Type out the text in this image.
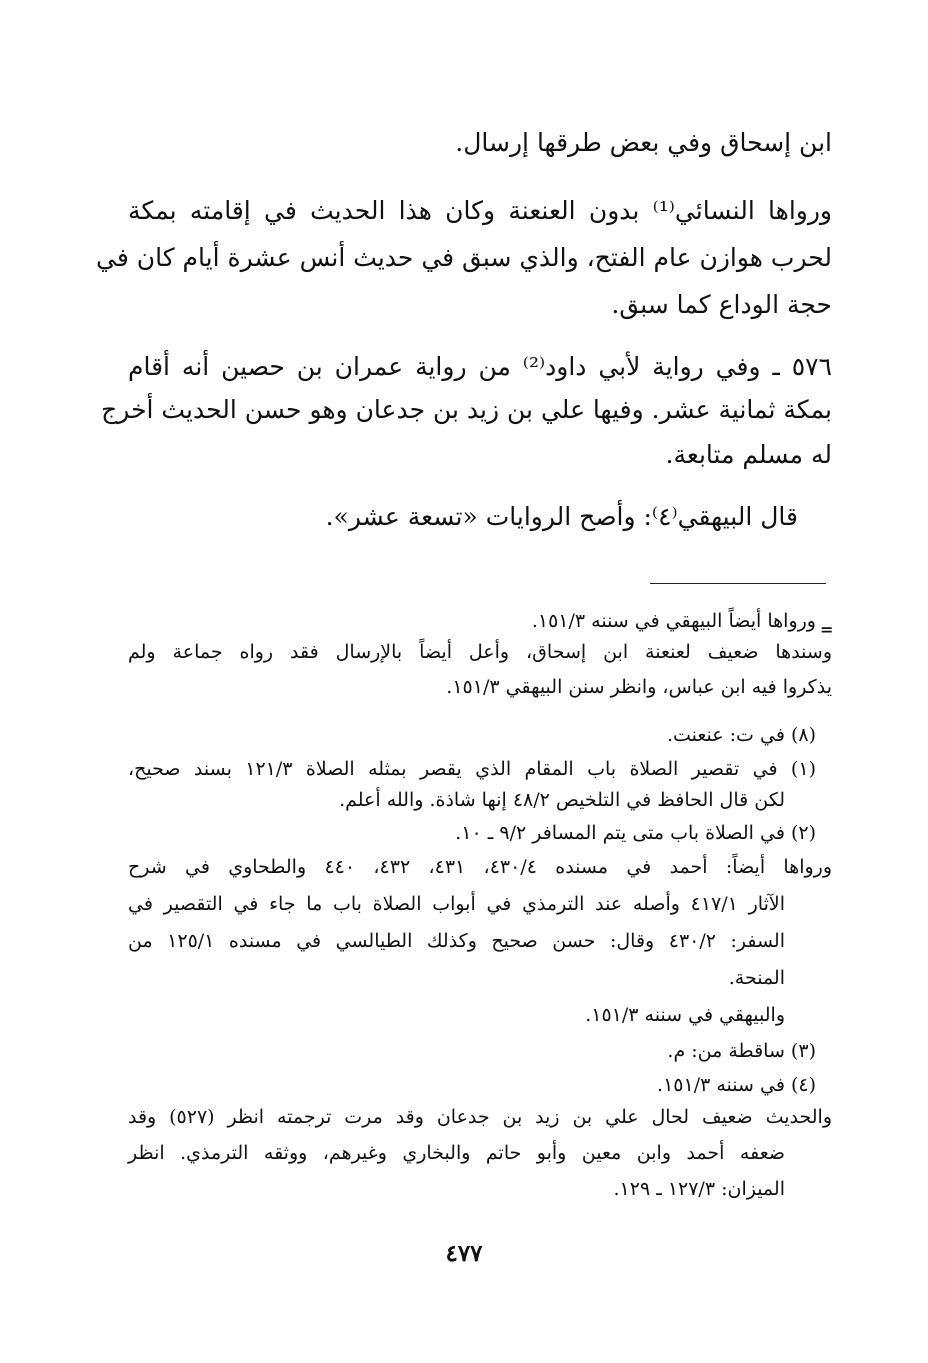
ابن إسحاق وفي بعض طرقها إرسال.
ورواها النسائي⁽¹⁾ بدون العنعنة وكان هذا الحديث في إقامته بمكة
لحرب هوازن عام الفتح، والذي سبق في حديث أنس عشرة أيام كان في
حجة الوداع كما سبق.
٥٧٦ ـ وفي رواية لأبي داود⁽²⁾ من رواية عمران بن حصين أنه أقام
بمكة ثمانية عشر. وفيها علي بن زيد بن جدعان وهو حسن الحديث أخرج
له مسلم متابعة.
قال البيهقي⁽٤⁾: وأصح الروايات «تسعة عشر».
=
ورواها أيضاً البيهقي في سننه ١٥١/٣.
وسندها ضعيف لعنعنة ابن إسحاق، وأعل أيضاً بالإرسال فقد رواه جماعة ولم
يذكروا فيه ابن عباس، وانظر سنن البيهقي ١٥١/٣.
(٨) في ت: عنعنت.
(١) في تقصير الصلاة باب المقام الذي يقصر بمثله الصلاة ١٢١/٣ بسند صحيح،
لكن قال الحافظ في التلخيص ٤٨/٢ إنها شاذة. والله أعلم.
(٢) في الصلاة باب متى يتم المسافر ٩/٢ ـ ١٠.
ورواها أيضاً: أحمد في مسنده ٤٣٠/٤، ٤٣١، ٤٣٢، ٤٤٠ والطحاوي في شرح
الآثار ٤١٧/١ وأصله عند الترمذي في أبواب الصلاة باب ما جاء في التقصير في
السفر: ٤٣٠/٢ وقال: حسن صحيح وكذلك الطيالسي في مسنده ١٢٥/١ من
المنحة.
والبيهقي في سننه ١٥١/٣.
(٣) ساقطة من: م.
(٤) في سننه ١٥١/٣.
والحديث ضعيف لحال علي بن زيد بن جدعان وقد مرت ترجمته انظر (٥٢٧) وقد
ضعفه أحمد وابن معين وأبو حاتم والبخاري وغيرهم، ووثقه الترمذي. انظر
الميزان: ١٢٧/٣ ـ ١٢٩.
٤٧٧
